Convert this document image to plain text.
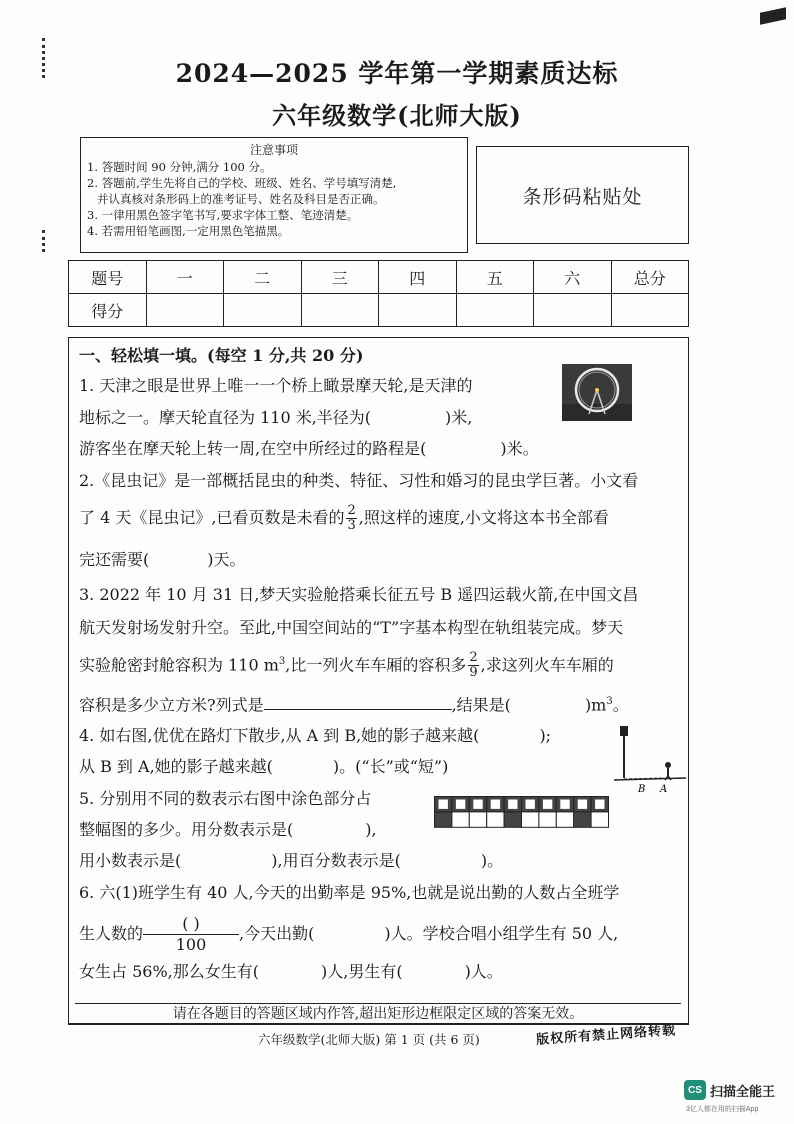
2024—2025 学年第一学期素质达标
六年级数学(北师大版)
注意事项
1. 答题时间 90 分钟,满分 100 分。
2. 答题前,学生先将自己的学校、班级、姓名、学号填写清楚,
并认真核对条形码上的准考证号、姓名及科目是否正确。
3. 一律用黑色签字笔书写,要求字体工整、笔迹清楚。
4. 若需用铅笔画图,一定用黑色笔描黑。
条形码粘贴处
题号	一	二	三	四	五	六	总分
得分							
一、轻松填一填。(每空 1 分,共 20 分)
1. 天津之眼是世界上唯一一个桥上瞰景摩天轮,是天津的
地标之一。摩天轮直径为 110 米,半径为(	)米,
游客坐在摩天轮上转一周,在空中所经过的路程是(	)米。
2.《昆虫记》是一部概括昆虫的种类、特征、习性和婚习的昆虫学巨著。小文看
了 4 天《昆虫记》,已看页数是未看的 $\frac{2}{3}$ ,照这样的速度,小文将这本书全部看
完还需要(	)天。
3. 2022 年 10 月 31 日,梦天实验舱搭乘长征五号 B 遥四运载火箭,在中国文昌
航天发射场发射升空。至此,中国空间站的“T”字基本构型在轨组装完成。梦天
实验舱密封舱容积为 110 $m^3$,比一列火车车厢的容积多 $\frac{2}{9}$ ,求这列火车车厢的
容积是多少立方米?列式是	,结果是(	)$m^3$。
4. 如右图,优优在路灯下散步,从 A 到 B,她的影子越来越(	);
从 B 到 A,她的影子越来越(	)。(“长”或“短”)
B A
5. 分别用不同的数表示右图中涂色部分占
整幅图的多少。用分数表示是(	),
用小数表示是(	),用百分数表示是(	)。
6. 六(1)班学生有 40 人,今天的出勤率是 95%,也就是说出勤的人数占全班学
生人数的 $\frac{( )}{100}$ ,今天出勤(	)人。学校合唱小组学生有 50 人,
女生占 56%,那么女生有(	)人,男生有(	)人。
请在各题目的答题区域内作答,超出矩形边框限定区域的答案无效。
六年级数学(北师大版) 第 1 页 (共 6 页)	版权所有禁止网络转载
CS 扫描全能王
3亿人都在用的扫描App
